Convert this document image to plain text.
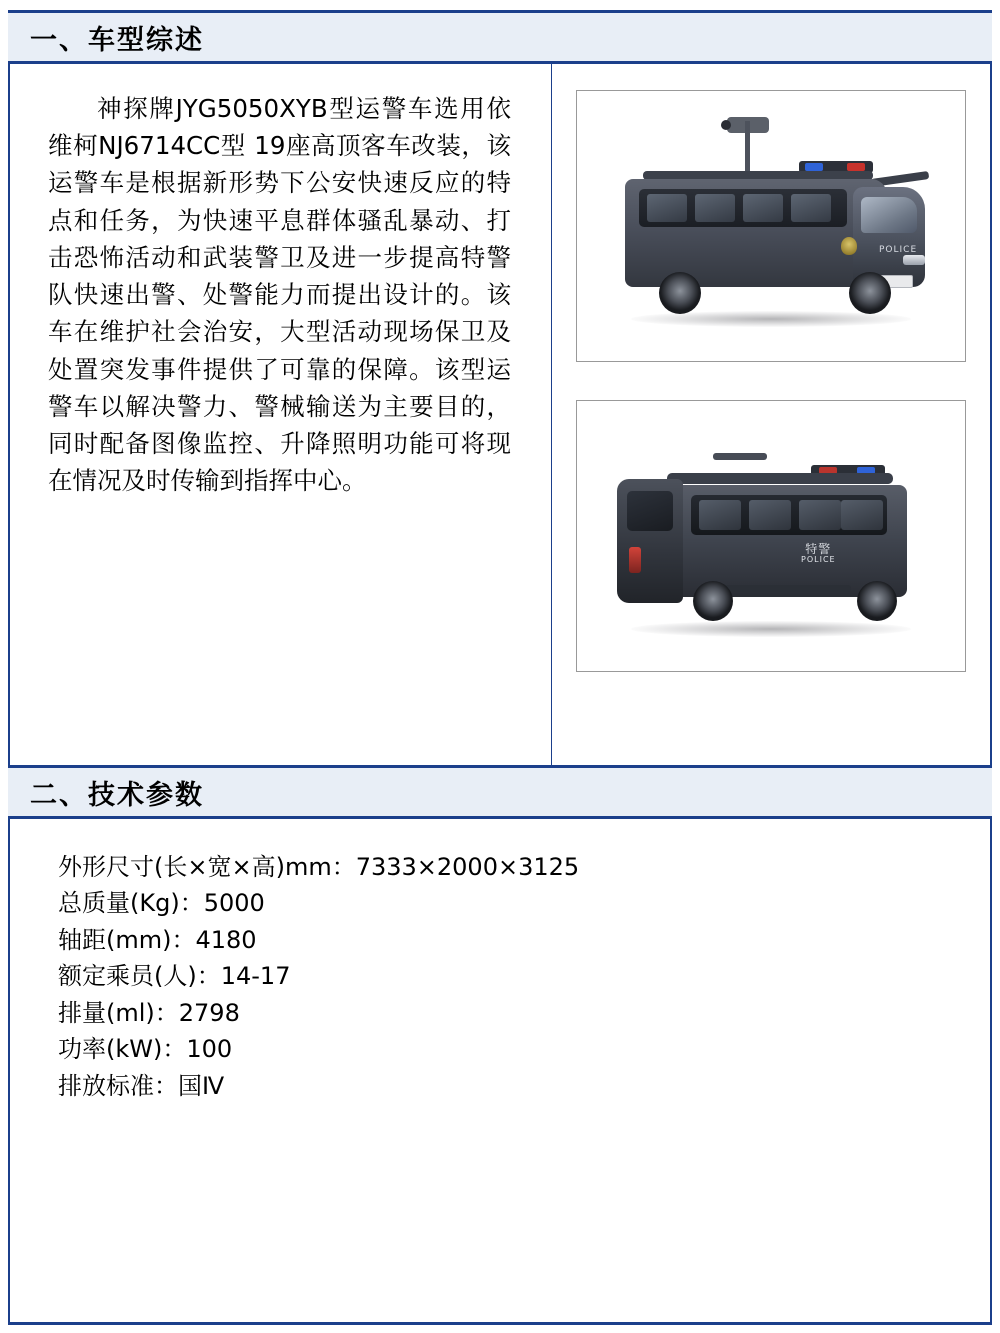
一、车型综述

神探牌JYG5050XYB型运警车选用依维柯NJ6714CC型 19座高顶客车改装，该运警车是根据新形势下公安快速反应的特点和任务，为快速平息群体骚乱暴动、打击恐怖活动和武装警卫及进一步提高特警队快速出警、处警能力而提出设计的。该车在维护社会治安，大型活动现场保卫及处置突发事件提供了可靠的保障。该型运警车以解决警力、警械输送为主要目的，同时配备图像监控、升降照明功能可将现在情况及时传输到指挥中心。

POLICE
特警
POLICE
二、技术参数
外形尺寸(长×宽×高)mm：7333×2000×3125
总质量(Kg)：5000
轴距(mm)：4180
额定乘员(人)：14-17
排量(ml)：2798
功率(kW)：100
排放标准：国Ⅳ
